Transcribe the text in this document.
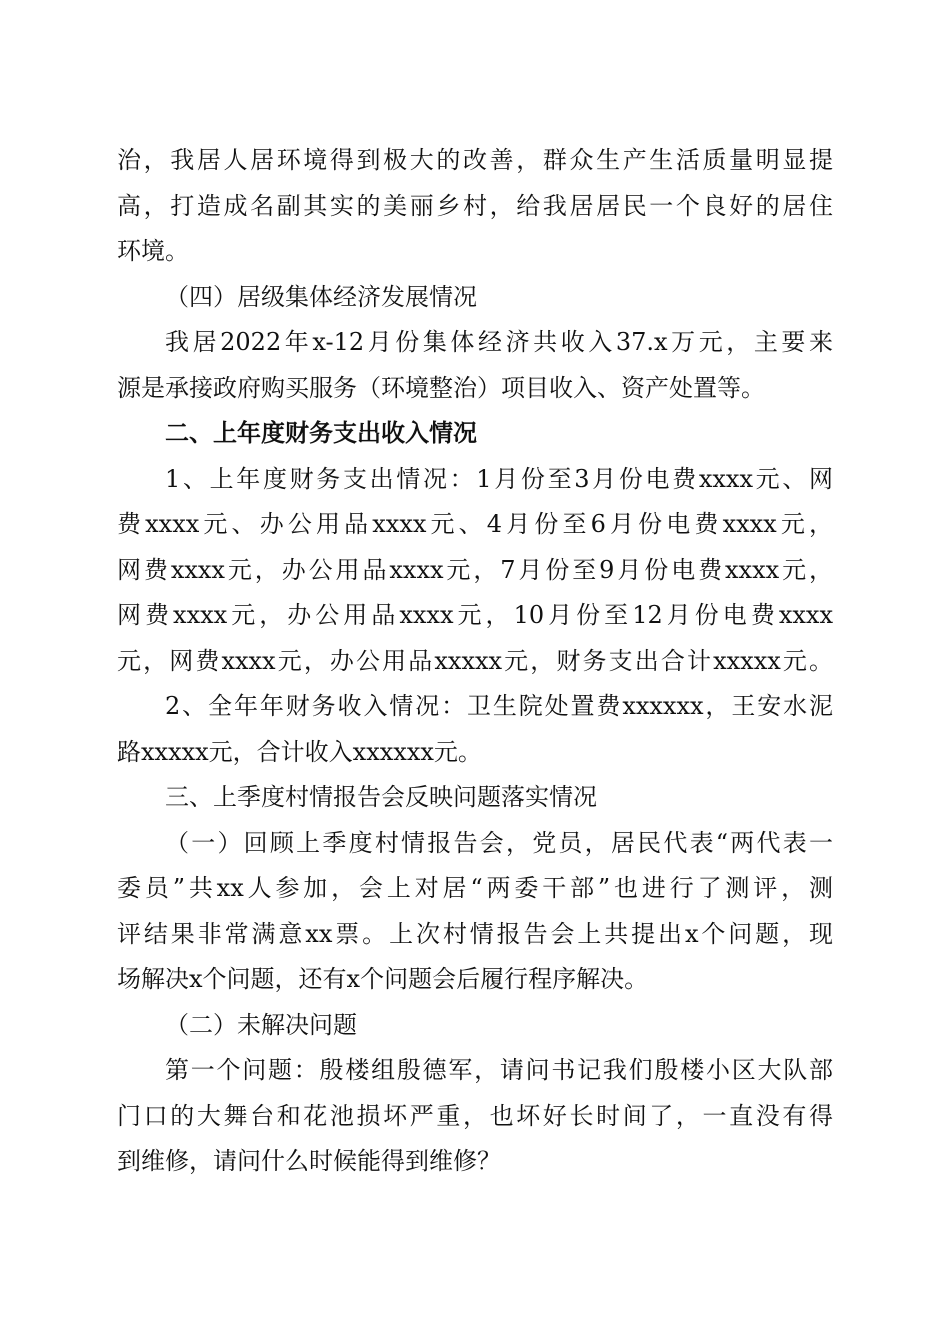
治，我居人居环境得到极大的改善，群众生产生活质量明显提
高，打造成名副其实的美丽乡村，给我居居民一个良好的居住
环境。
（四）居级集体经济发展情况
我居2022年x-12月份集体经济共收入37.x万元，主要来
源是承接政府购买服务（环境整治）项目收入、资产处置等。
二、上年度财务支出收入情况
1、上年度财务支出情况：1月份至3月份电费xxxx元、网
费xxxx元、办公用品xxxx元、4月份至6月份电费xxxx元，
网费xxxx元，办公用品xxxx元，7月份至9月份电费xxxx元，
网费xxxx元，办公用品xxxx元，10月份至12月份电费xxxx
元，网费xxxx元，办公用品xxxxx元，财务支出合计xxxxx元。
2、全年年财务收入情况：卫生院处置费xxxxxx，王安水泥
路xxxxx元，合计收入xxxxxx元。
三、上季度村情报告会反映问题落实情况
（一）回顾上季度村情报告会，党员，居民代表“两代表一
委员”共xx人参加，会上对居“两委干部”也进行了测评，测
评结果非常满意xx票。上次村情报告会上共提出x个问题，现
场解决x个问题，还有x个问题会后履行程序解决。
（二）未解决问题
第一个问题：殷楼组殷德军，请问书记我们殷楼小区大队部
门口的大舞台和花池损坏严重，也坏好长时间了，一直没有得
到维修，请问什么时候能得到维修？
